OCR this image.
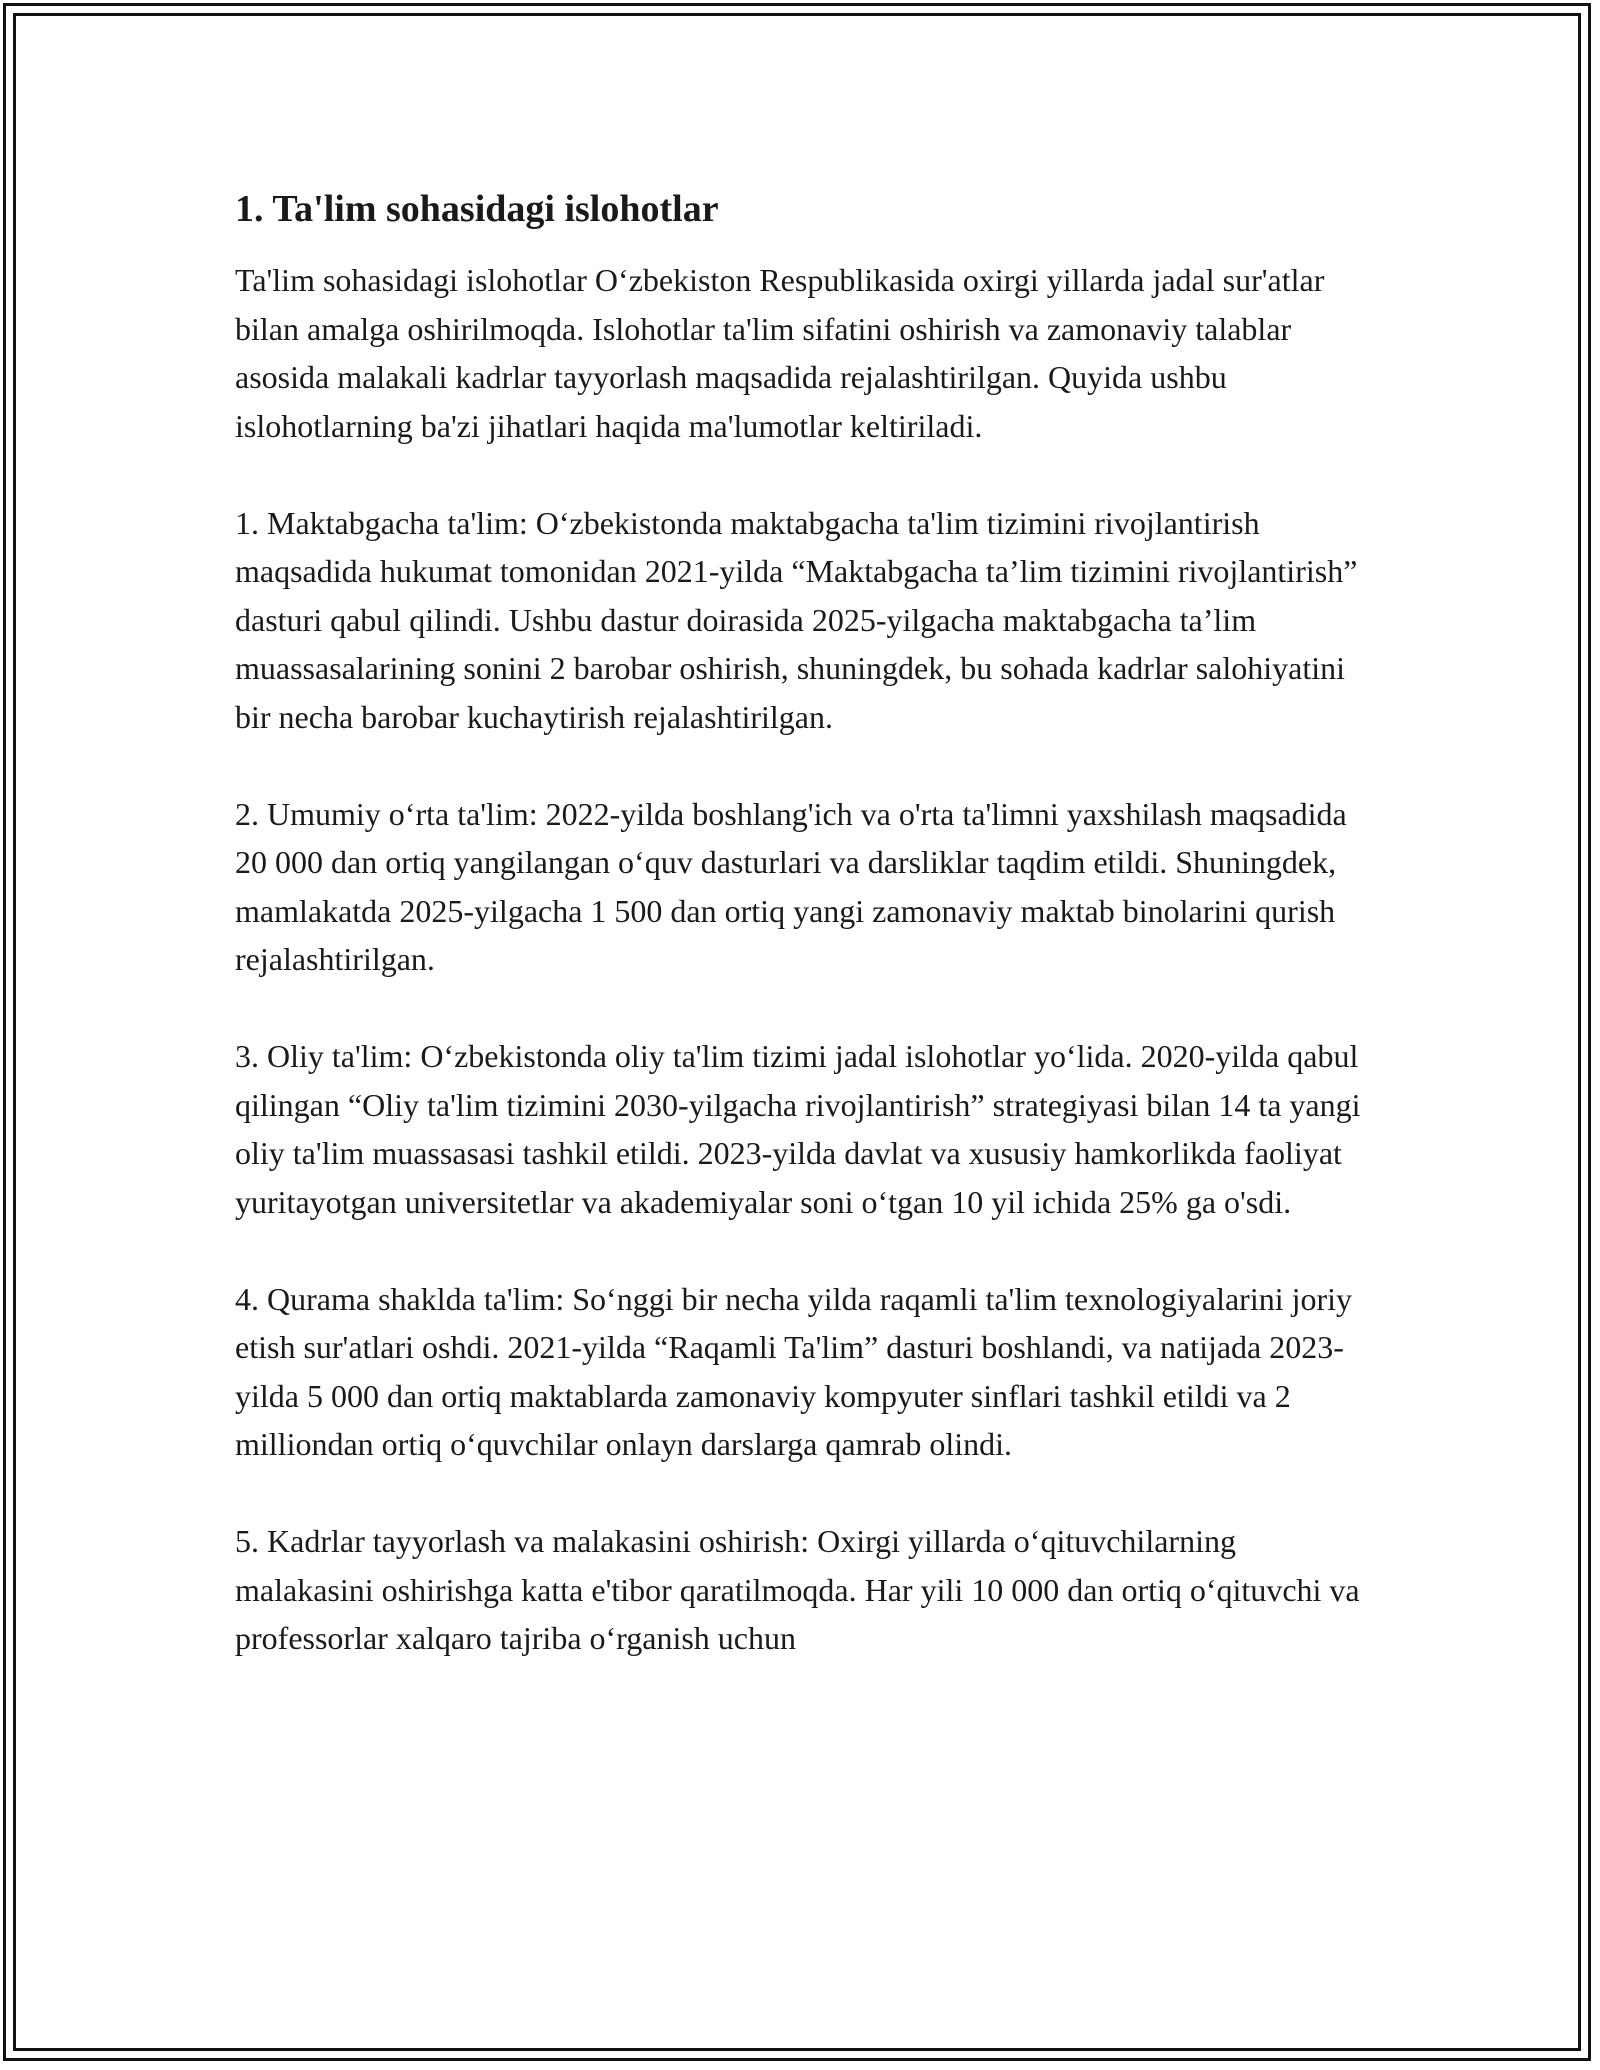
1. Ta'lim sohasidagi islohotlar

Ta'lim sohasidagi islohotlar O‘zbekiston Respublikasida oxirgi yillarda jadal sur'atlar bilan amalga oshirilmoqda. Islohotlar ta'lim sifatini oshirish va zamonaviy talablar asosida malakali kadrlar tayyorlash maqsadida rejalashtirilgan. Quyida ushbu islohotlarning ba'zi jihatlari haqida ma'lumotlar keltiriladi.

1. Maktabgacha ta'lim: O‘zbekistonda maktabgacha ta'lim tizimini rivojlantirish maqsadida hukumat tomonidan 2021-yilda “Maktabgacha ta’lim tizimini rivojlantirish” dasturi qabul qilindi. Ushbu dastur doirasida 2025-yilgacha maktabgacha ta’lim muassasalarining sonini 2 barobar oshirish, shuningdek, bu sohada kadrlar salohiyatini bir necha barobar kuchaytirish rejalashtirilgan.

2. Umumiy o‘rta ta'lim: 2022-yilda boshlang'ich va o'rta ta'limni yaxshilash maqsadida 20 000 dan ortiq yangilangan o‘quv dasturlari va darsliklar taqdim etildi. Shuningdek, mamlakatda 2025-yilgacha 1 500 dan ortiq yangi zamonaviy maktab binolarini qurish rejalashtirilgan.

3. Oliy ta'lim: O‘zbekistonda oliy ta'lim tizimi jadal islohotlar yo‘lida. 2020-yilda qabul qilingan “Oliy ta'lim tizimini 2030-yilgacha rivojlantirish” strategiyasi bilan 14 ta yangi oliy ta'lim muassasasi tashkil etildi. 2023-yilda davlat va xususiy hamkorlikda faoliyat yuritayotgan universitetlar va akademiyalar soni o‘tgan 10 yil ichida 25% ga o'sdi.

4. Qurama shaklda ta'lim: So‘nggi bir necha yilda raqamli ta'lim texnologiyalarini joriy etish sur'atlari oshdi. 2021-yilda “Raqamli Ta'lim” dasturi boshlandi, va natijada 2023-yilda 5 000 dan ortiq maktablarda zamonaviy kompyuter sinflari tashkil etildi va 2 milliondan ortiq o‘quvchilar onlayn darslarga qamrab olindi.

5. Kadrlar tayyorlash va malakasini oshirish: Oxirgi yillarda o‘qituvchilarning malakasini oshirishga katta e'tibor qaratilmoqda. Har yili 10 000 dan ortiq o‘qituvchi va professorlar xalqaro tajriba o‘rganish uchun
